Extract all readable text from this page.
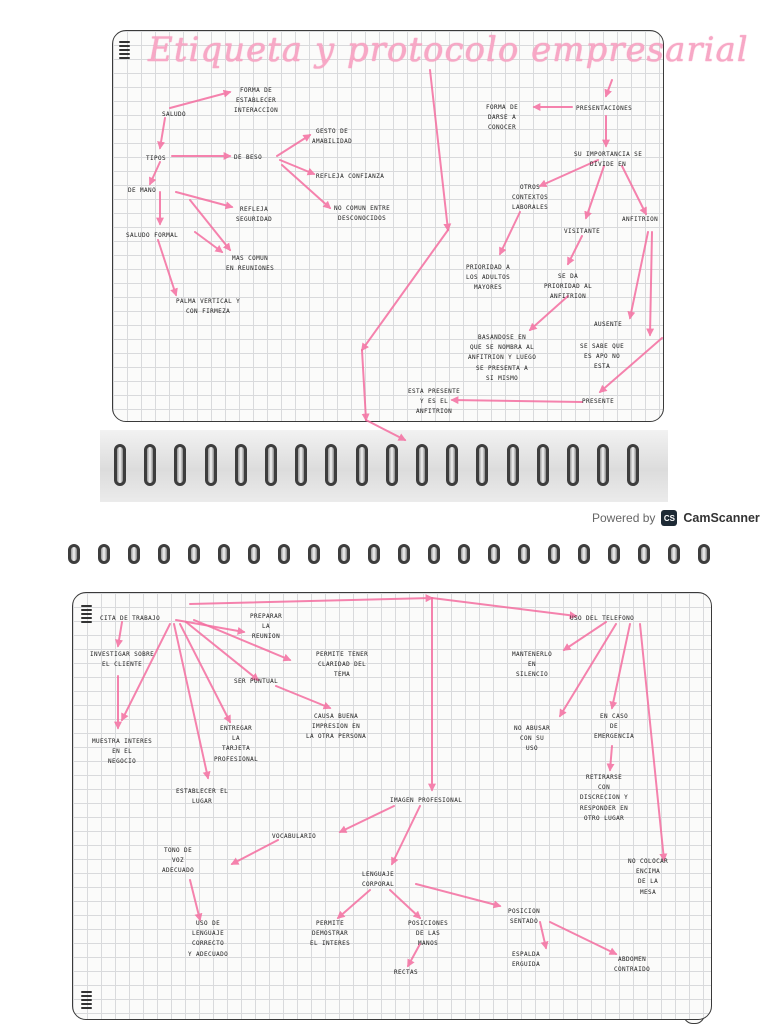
Etiqueta y protocolo empresarial
Powered by	CS CamScanner
SALUDO
FORMA DE
ESTABLECER
INTERACCION
TIPOS	DE BESO
GESTO DE
AMABILIDAD
REFLEJA CONFIANZA
NO COMUN ENTRE
DESCONOCIDOS
DE MANO
REFLEJA
SEGURIDAD
SALUDO FORMAL
MAS COMUN
EN REUNIONES
PALMA VERTICAL Y
CON FIRMEZA
PRESENTACIONES
FORMA DE
DARSE A
CONOCER
SU IMPORTANCIA SE
DIVIDE EN
OTROS
CONTEXTOS
LABORALES
VISITANTE
ANFITRION
PRIORIDAD A
LOS ADULTOS
MAYORES
SE DA
PRIORIDAD AL
ANFITRION
BASANDOSE EN
QUE SE NOMBRA AL
ANFITRION Y LUEGO
SE PRESENTA A
SI MISMO
AUSENTE
SE SABE QUE
ES APO NO
ESTA
PRESENTE
ESTA PRESENTE
Y ES EL
ANFITRION
CITA DE TRABAJO	PREPARAR
LA
REUNION
INVESTIGAR SOBRE
EL CLIENTE
PERMITE TENER
CLARIDAD DEL
TEMA
SER PUNTUAL
CAUSA BUENA
IMPRESION EN
LA OTRA PERSONA
MUESTRA INTERES
EN EL
NEGOCIO
ENTREGAR
LA
TARJETA
PROFESIONAL
ESTABLECER EL
LUGAR
USO DEL TELEFONO
MANTENERLO
EN
SILENCIO
NO ABUSAR
CON SU
USO
EN CASO
DE
EMERGENCIA
RETIRARSE
CON
DISCRECION Y
RESPONDER EN
OTRO LUGAR
NO COLOCAR
ENCIMA
DE LA
MESA
IMAGEN PROFESIONAL
VOCABULARIO
TONO DE
VOZ
ADECUADO
USO DE
LENGUAJE
CORRECTO
Y ADECUADO
LENGUAJE
CORPORAL
PERMITE
DEMOSTRAR
EL INTERES
POSICIONES
DE LAS
MANOS
RECTAS
POSICION
SENTADO
ESPALDA
ERGUIDA
ABDOMEN
CONTRAIDO
